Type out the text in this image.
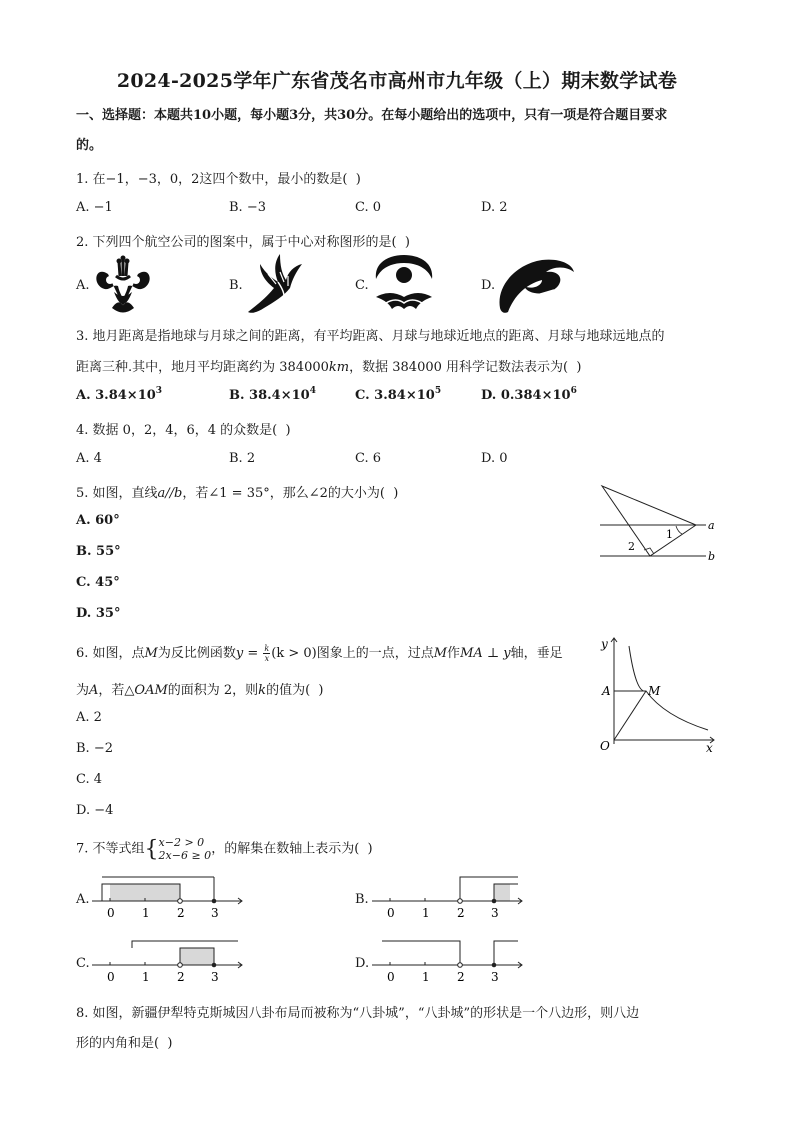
2024-2025学年广东省茂名市高州市九年级（上）期末数学试卷
一、选择题：本题共10小题，每小题3分，共30分。在每小题给出的选项中，只有一项是符合题目要求
的。
1. 在−1，−3，0，2这四个数中，最小的数是(  )
A. −1	B. −3	C. 0	D. 2
2. 下列四个航空公司的图案中，属于中心对称图形的是(  )
A.	B.	C.	D.
3. 地月距离是指地球与月球之间的距离，有平均距离、月球与地球近地点的距离、月球与地球远地点的
距离三种.其中，地月平均距离约为 384000km，数据 384000 用科学记数法表示为(  )
A. $3.84\times 10^3$	B. $38.4\times 10^4$	C. $3.84\times 10^5$	D. $0.384\times 10^6$
4. 数据 0，2，4，6，4 的众数是(  )
A. 4	B. 2	C. 6	D. 0
5. 如图，直线a//b，若∠1 = 35°，那么∠2的大小为(  )
A. 60°
B. 55°
C. 45°
D. 35°
a
b
1
2
6. 如图，点M为反比例函数$y = \frac{k}{x} (k > 0)$图象上的一点，过点M作MA ⊥ y轴，垂足
为A，若△OAM的面积为 2，则k的值为(  )
A. 2
B. −2
C. 4
D. −4
y
x
A	M
O
7. 不等式组{ x−2 > 0
2x−6 ≥ 0 ，的解集在数轴上表示为(  )
A.	B.
C.	D.
0 1 2 3	0 1 2 3
0 1 2 3	0 1 2 3
8. 如图，新疆伊犁特克斯城因八卦布局而被称为“八卦城”，“八卦城”的形状是一个八边形，则八边
形的内角和是(  )
